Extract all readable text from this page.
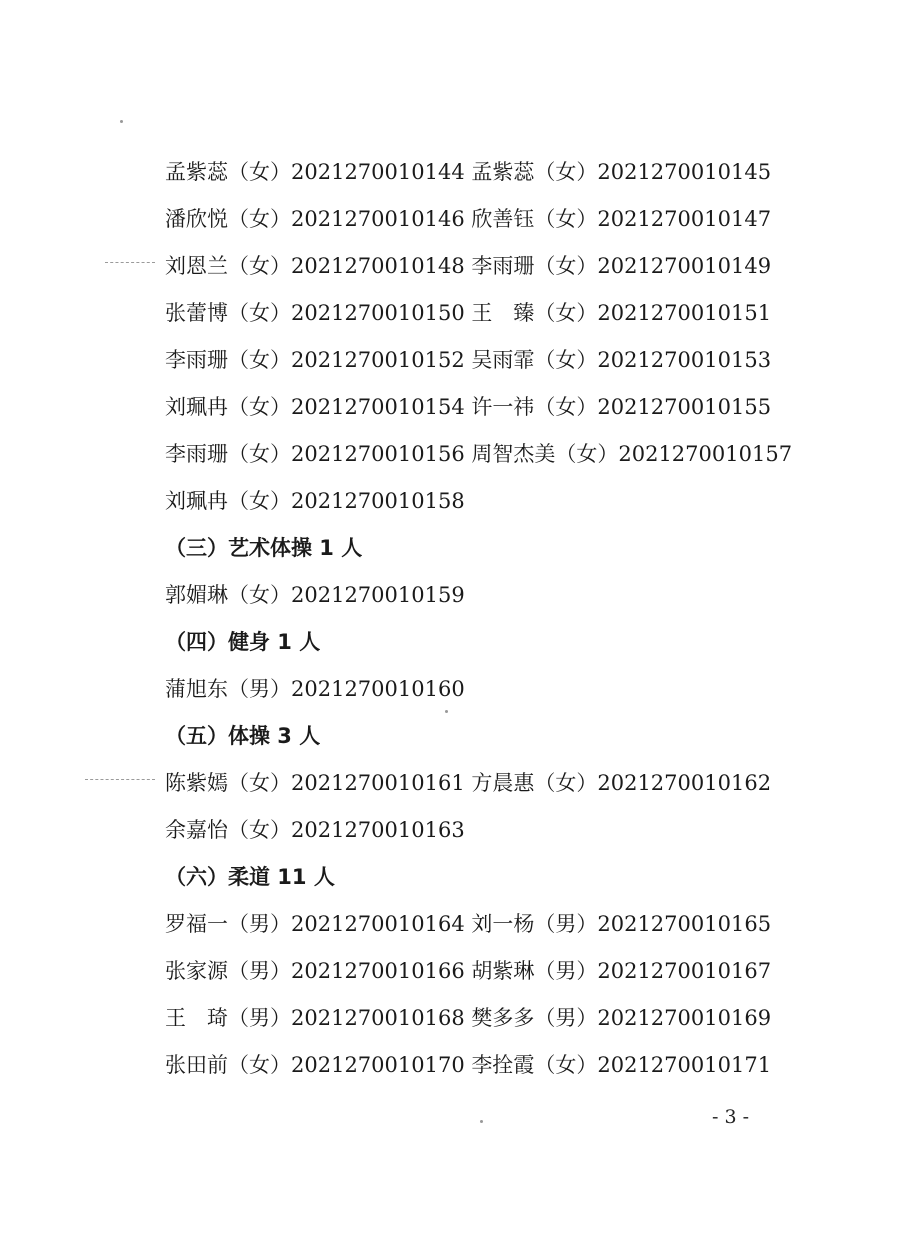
孟紫蕊（女）2021270010144 孟紫蕊（女）2021270010145
潘欣悦（女）2021270010146 欣善钰（女）2021270010147
刘恩兰（女）2021270010148 李雨珊（女）2021270010149
张蕾博（女）2021270010150 王　臻（女）2021270010151
李雨珊（女）2021270010152 吴雨霏（女）2021270010153
刘珮冉（女）2021270010154 许一祎（女）2021270010155
李雨珊（女）2021270010156 周智杰美（女）2021270010157
刘珮冉（女）2021270010158
（三）艺术体操 1 人
郭媚琳（女）2021270010159
（四）健身 1 人
蒲旭东（男）2021270010160
（五）体操 3 人
陈紫嫣（女）2021270010161 方晨惠（女）2021270010162
余嘉怡（女）2021270010163
（六）柔道 11 人
罗福一（男）2021270010164 刘一杨（男）2021270010165
张家源（男）2021270010166 胡紫琳（男）2021270010167
王　琦（男）2021270010168 樊多多（男）2021270010169
张田前（女）2021270010170 李拴霞（女）2021270010171
- 3 -
